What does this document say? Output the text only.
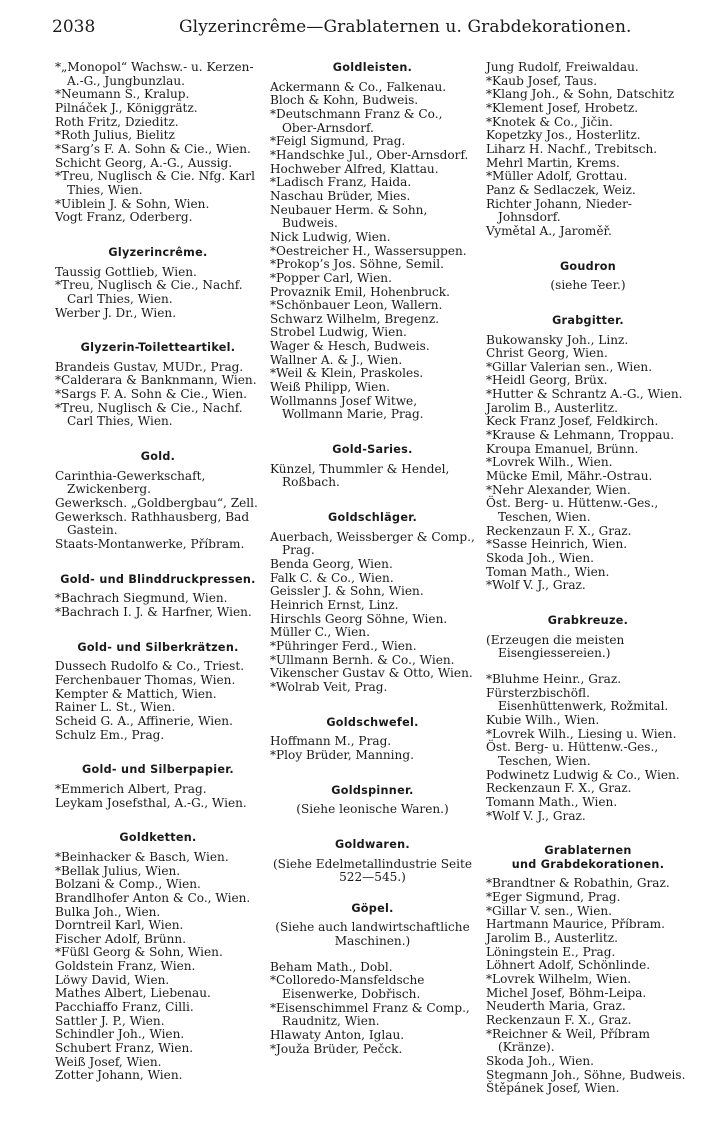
2038	Glyzerincrême—Grablaternen u. Grabdekorationen.
*„Monopol“ Wachsw.- u. Kerzen-A.-G., Jungbunzlau.
*Neumann S., Kralup.
Pilnáček J., Königgrätz.
Roth Fritz, Dzieditz.
*Roth Julius, Bielitz
*Sarg’s F. A. Sohn & Cie., Wien.
Schicht Georg, A.-G., Aussig.
*Treu, Nuglisch & Cie. Nfg. Karl Thies, Wien.
*Uiblein J. & Sohn, Wien.
Vogt Franz, Oderberg.
Glyzerincrême.
Taussig Gottlieb, Wien.
*Treu, Nuglisch & Cie., Nachf. Carl Thies, Wien.
Werber J. Dr., Wien.
Glyzerin-Toiletteartikel.
Brandeis Gustav, MUDr., Prag.
*Calderara & Banknmann, Wien.
*Sargs F. A. Sohn & Cie., Wien.
*Treu, Nuglisch & Cie., Nachf. Carl Thies, Wien.
Gold.
Carinthia-Gewerkschaft, Zwickenberg.
Gewerksch. „Goldbergbau“, Zell.
Gewerksch. Rathhausberg, Bad Gastein.
Staats-Montanwerke, Příbram.
Gold- und Blinddruckpressen.
*Bachrach Siegmund, Wien.
*Bachrach I. J. & Harfner, Wien.
Gold- und Silberkrätzen.
Dussech Rudolfo & Co., Triest.
Ferchenbauer Thomas, Wien.
Kempter & Mattich, Wien.
Rainer L. St., Wien.
Scheid G. A., Affinerie, Wien.
Schulz Em., Prag.
Gold- und Silberpapier.
*Emmerich Albert, Prag.
Leykam Josefsthal, A.-G., Wien.
Goldketten.
*Beinhacker & Basch, Wien.
*Bellak Julius, Wien.
Bolzani & Comp., Wien.
Brandlhofer Anton & Co., Wien.
Bulka Joh., Wien.
Dorntreil Karl, Wien.
Fischer Adolf, Brünn.
*Füßl Georg & Sohn, Wien.
Goldstein Franz, Wien.
Löwy David, Wien.
Mathes Albert, Liebenau.
Pacchiaffo Franz, Cilli.
Sattler J. P., Wien.
Schindler Joh., Wien.
Schubert Franz, Wien.
Weiß Josef, Wien.
Zotter Johann, Wien.
Goldleisten.
Ackermann & Co., Falkenau.
Bloch & Kohn, Budweis.
*Deutschmann Franz & Co., Ober-Arnsdorf.
*Feigl Sigmund, Prag.
*Handschke Jul., Ober-Arnsdorf.
Hochweber Alfred, Klattau.
*Ladisch Franz, Haida.
Naschau Brüder, Mies.
Neubauer Herm. & Sohn, Budweis.
Nick Ludwig, Wien.
*Oestreicher H., Wassersuppen.
*Prokop’s Jos. Söhne, Semil.
*Popper Carl, Wien.
Provaznik Emil, Hohenbruck.
*Schönbauer Leon, Wallern.
Schwarz Wilhelm, Bregenz.
Strobel Ludwig, Wien.
Wager & Hesch, Budweis.
Wallner A. & J., Wien.
*Weil & Klein, Praskoles.
Weiß Philipp, Wien.
Wollmanns Josef Witwe, Wollmann Marie, Prag.
Gold-Saries.
Künzel, Thummler & Hendel, Roßbach.
Goldschläger.
Auerbach, Weissberger & Comp., Prag.
Benda Georg, Wien.
Falk C. & Co., Wien.
Geissler J. & Sohn, Wien.
Heinrich Ernst, Linz.
Hirschls Georg Söhne, Wien.
Müller C., Wien.
*Pühringer Ferd., Wien.
*Ullmann Bernh. & Co., Wien.
Vikenscher Gustav & Otto, Wien.
*Wolrab Veit, Prag.
Goldschwefel.
Hoffmann M., Prag.
*Ploy Brüder, Manning.
Goldspinner.
(Siehe leonische Waren.)
Goldwaren.
(Siehe Edelmetallindustrie Seite 522—545.)
Göpel.
(Siehe auch landwirtschaftliche Maschinen.)
Beham Math., Dobl.
*Colloredo-Mansfeldsche Eisenwerke, Dobřisch.
*Eisenschimmel Franz & Comp., Raudnitz, Wien.
Hlawaty Anton, Iglau.
*Jouža Brüder, Pečck.
Jung Rudolf, Freiwaldau.
*Kaub Josef, Taus.
*Klang Joh., & Sohn, Datschitz
*Klement Josef, Hrobetz.
*Knotek & Co., Jičin.
Kopetzky Jos., Hosterlitz.
Liharz H. Nachf., Trebitsch.
Mehrl Martin, Krems.
*Müller Adolf, Grottau.
Panz & Sedlaczek, Weiz.
Richter Johann, Nieder-Johnsdorf.
Vymětal A., Jaroměř.
Goudron
(siehe Teer.)
Grabgitter.
Bukowansky Joh., Linz.
Christ Georg, Wien.
*Gillar Valerian sen., Wien.
*Heidl Georg, Brüx.
*Hutter & Schrantz A.-G., Wien.
Jarolim B., Austerlitz.
Keck Franz Josef, Feldkirch.
*Krause & Lehmann, Troppau.
Kroupa Emanuel, Brünn.
*Lovrek Wilh., Wien.
Mücke Emil, Mähr.-Ostrau.
*Nehr Alexander, Wien.
Öst. Berg- u. Hüttenw.-Ges., Teschen, Wien.
Reckenzaun F. X., Graz.
*Sasse Heinrich, Wien.
Skoda Joh., Wien.
Toman Math., Wien.
*Wolf V. J., Graz.
Grabkreuze.
(Erzeugen die meisten Eisengiessereien.)
*Bluhme Heinr., Graz.
Fürsterzbischöfl. Eisenhüttenwerk, Rožmital.
Kubie Wilh., Wien.
*Lovrek Wilh., Liesing u. Wien.
Öst. Berg- u. Hüttenw.-Ges., Teschen, Wien.
Podwinetz Ludwig & Co., Wien.
Reckenzaun F. X., Graz.
Tomann Math., Wien.
*Wolf V. J., Graz.
Grablaternen
und Grabdekorationen.
*Brandtner & Robathin, Graz.
*Eger Sigmund, Prag.
*Gillar V. sen., Wien.
Hartmann Maurice, Příbram.
Jarolim B., Austerlitz.
Löningstein E., Prag.
Löhnert Adolf, Schönlinde.
*Lovrek Wilhelm, Wien.
Michel Josef, Böhm-Leipa.
Neuderth Maria, Graz.
Reckenzaun F. X., Graz.
*Reichner & Weil, Příbram (Kränze).
Skoda Joh., Wien.
Stegmann Joh., Söhne, Budweis.
Štěpánek Josef, Wien.
